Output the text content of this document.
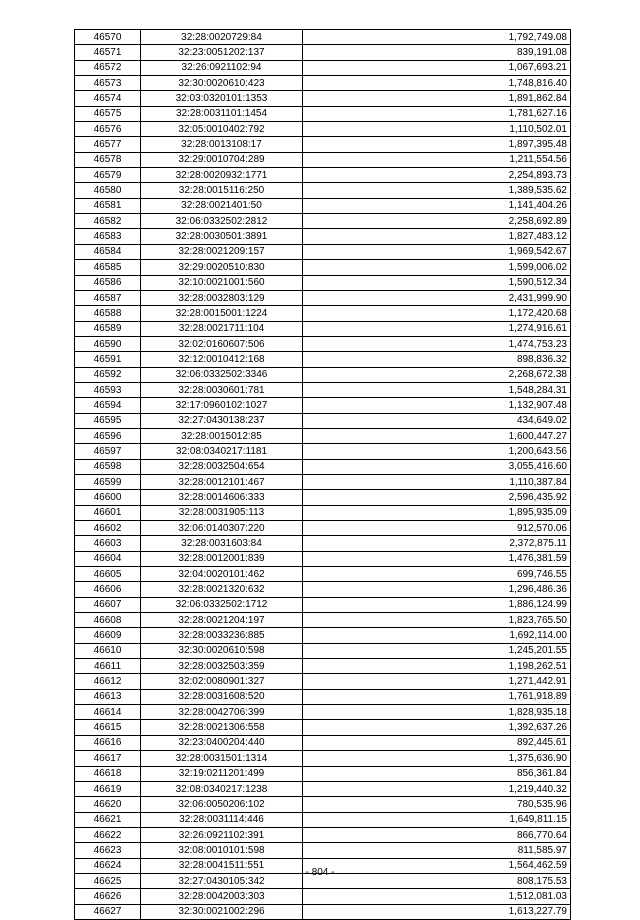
46570	32:28:0020729:84	1,792,749.08
46571	32:23:0051202:137	839,191.08
46572	32:26:0921102:94	1,067,693.21
46573	32:30:0020610:423	1,748,816.40
46574	32:03:0320101:1353	1,891,862.84
46575	32:28:0031101:1454	1,781,627.16
46576	32:05:0010402:792	1,110,502.01
46577	32:28:0013108:17	1,897,395.48
46578	32:29:0010704:289	1,211,554.56
46579	32:28:0020932:1771	2,254,893.73
46580	32:28:0015116:250	1,389,535.62
46581	32:28:0021401:50	1,141,404.26
46582	32:06:0332502:2812	2,258,692.89
46583	32:28:0030501:3891	1,827,483.12
46584	32:28:0021209:157	1,969,542.67
46585	32:29:0020510:830	1,599,006.02
46586	32:10:0021001:560	1,590,512.34
46587	32:28:0032803:129	2,431,999.90
46588	32:28:0015001:1224	1,172,420.68
46589	32:28:0021711:104	1,274,916.61
46590	32:02:0160607:506	1,474,753.23
46591	32:12:0010412:168	898,836.32
46592	32:06:0332502:3346	2,268,672.38
46593	32:28:0030601:781	1,548,284.31
46594	32:17:0960102:1027	1,132,907.48
46595	32:27:0430138:237	434,649.02
46596	32:28:0015012:85	1,600,447.27
46597	32:08:0340217:1181	1,200,643.56
46598	32:28:0032504:654	3,055,416.60
46599	32:28:0012101:467	1,110,387.84
46600	32:28:0014606:333	2,596,435.92
46601	32:28:0031905:113	1,895,935.09
46602	32:06:0140307:220	912,570.06
46603	32:28:0031603:84	2,372,875.11
46604	32:28:0012001:839	1,476,381.59
46605	32:04:0020101:462	699,746.55
46606	32:28:0021320:632	1,296,486.36
46607	32:06:0332502:1712	1,886,124.99
46608	32:28:0021204:197	1,823,765.50
46609	32:28:0033236:885	1,692,114.00
46610	32:30:0020610:598	1,245,201.55
46611	32:28:0032503:359	1,198,262.51
46612	32:02:0080901:327	1,271,442.91
46613	32:28:0031608:520	1,761,918.89
46614	32:28:0042706:399	1,828,935.18
46615	32:28:0021306:558	1,392,637.26
46616	32:23:0400204:440	892,445.61
46617	32:28:0031501:1314	1,375,636.90
46618	32:19:0211201:499	856,361.84
46619	32:08:0340217:1238	1,219,440.32
46620	32:06:0050206:102	780,535.96
46621	32:28:0031114:446	1,649,811.15
46622	32:26:0921102:391	866,770.64
46623	32:08:0010101:598	811,585.97
46624	32:28:0041511:551	1,564,462.59
46625	32:27:0430105:342	808,175.53
46626	32:28:0042003:303	1,512,081.03
46627	32:30:0021002:296	1,613,227.79
- 804 -
